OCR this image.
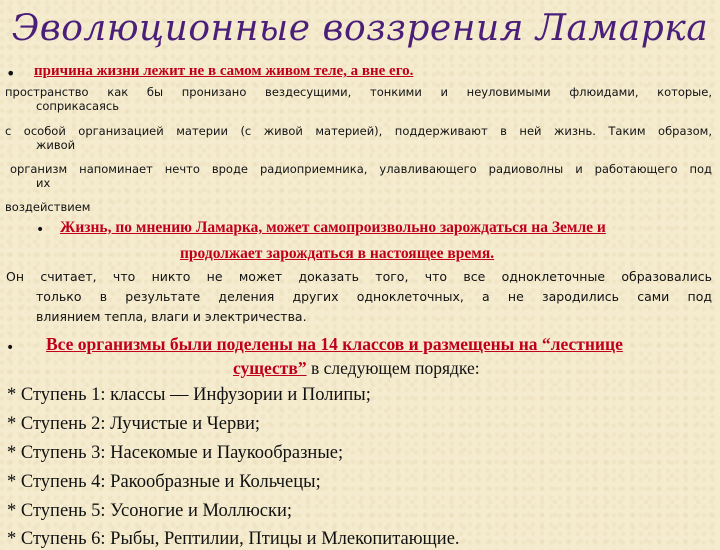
Эволюционные воззрения Ламарка
• причина жизни лежит не в самом живом теле, а вне его.
пространство как бы пронизано вездесущими, тонкими и неуловимыми флюидами, которые,
соприкасаясь
с особой организацией материи (с живой материей), поддерживают в ней жизнь. Таким образом,
живой
организм напоминает нечто вроде радиоприемника, улавливающего радиоволны и работающего под
их
воздействием
• Жизнь, по мнению Ламарка, может самопроизвольно зарождаться на Земле и
продолжает зарождаться в настоящее время.
Он считает, что никто не может доказать того, что все одноклеточные образовались
только в результате деления других одноклеточных, а не зародились сами под
влиянием тепла, влаги и электричества.
• Все организмы были поделены на 14 классов и размещены на “лестнице
существ” в следующем порядке:
* Ступень 1: классы — Инфузории и Полипы;
* Ступень 2: Лучистые и Черви;
* Ступень 3: Насекомые и Паукообразные;
* Ступень 4: Ракообразные и Кольчецы;
* Ступень 5: Усоногие и Моллюски;
* Ступень 6: Рыбы, Рептилии, Птицы и Млекопитающие.
